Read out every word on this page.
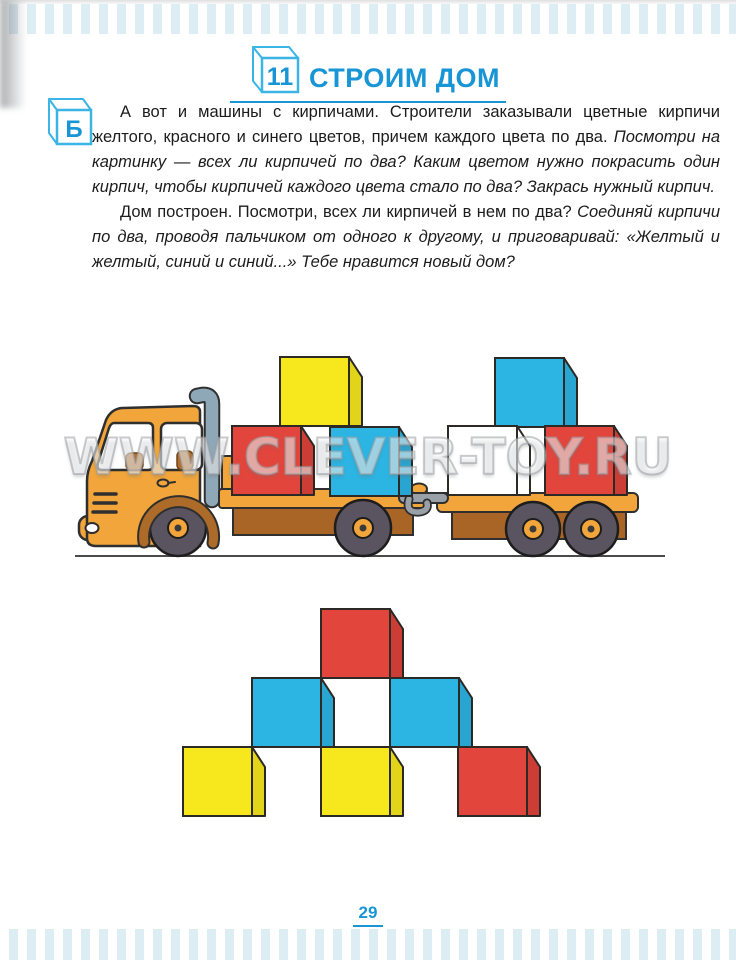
11 СТРОИМ ДОМ
Б

А вот и машины с кирпичами. Строители заказывали цветные кирпичи желтого, красного и синего цветов, причем каждого цвета по два. Посмотри на картинку — всех ли кирпичей по два? Каким цветом нужно покрасить один кирпич, чтобы кирпичей каждого цвета стало по два? Закрась нужный кирпич.

Дом построен. Посмотри, всех ли кирпичей в нем по два? Соединяй кирпичи по два, проводя пальчиком от одного к другому, и приговаривай: «Желтый и желтый, синий и синий...» Тебе нравится новый дом?

WWW.CLEVER-TOY.RU
29
